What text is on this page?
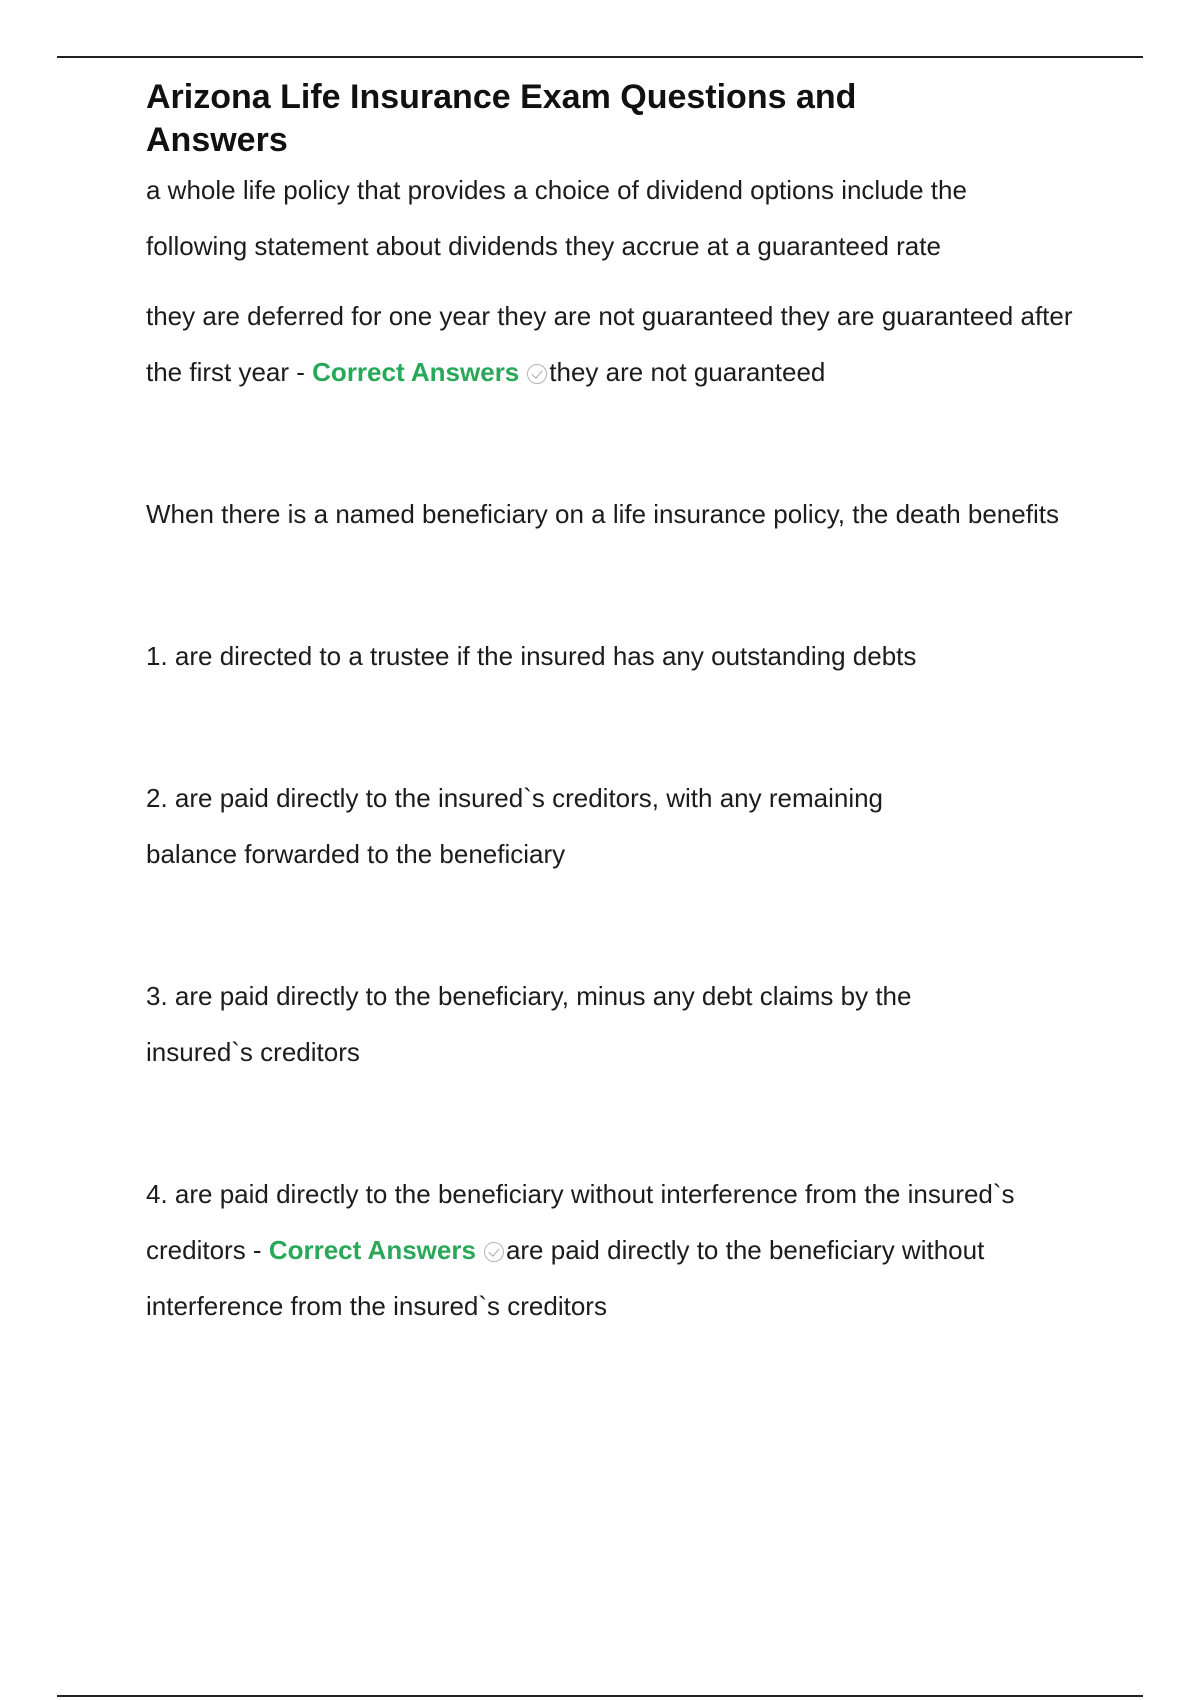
Arizona Life Insurance Exam Questions and Answers

a whole life policy that provides a choice of dividend options include the
following statement about dividends they accrue at a guaranteed rate

they are deferred for one year they are not guaranteed they are guaranteed after the first year - Correct Answers they are not guaranteed

When there is a named beneficiary on a life insurance policy, the death benefits

1. are directed to a trustee if the insured has any outstanding debts

2. are paid directly to the insured`s creditors, with any remaining balance forwarded to the beneficiary

3. are paid directly to the beneficiary, minus any debt claims by the insured`s creditors

4. are paid directly to the beneficiary without interference from the insured`s creditors - Correct Answers are paid directly to the beneficiary without interference from the insured`s creditors
